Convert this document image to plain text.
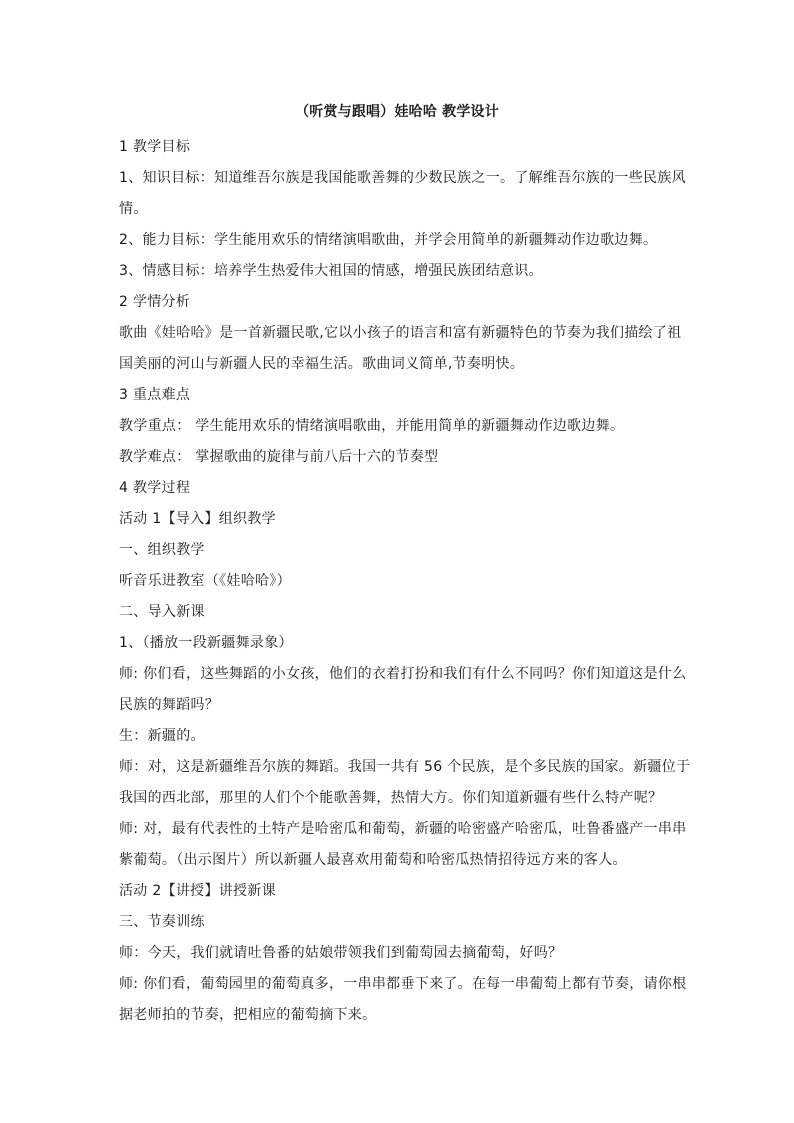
（听赏与跟唱）娃哈哈 教学设计
1 教学目标
1、知识目标：知道维吾尔族是我国能歌善舞的少数民族之一。了解维吾尔族的一些民族风
情。
2、能力目标：学生能用欢乐的情绪演唱歌曲，并学会用简单的新疆舞动作边歌边舞。
3、情感目标：培养学生热爱伟大祖国的情感，增强民族团结意识。
2 学情分析
歌曲《娃哈哈》是一首新疆民歌,它以小孩子的语言和富有新疆特色的节奏为我们描绘了祖
国美丽的河山与新疆人民的幸福生活。歌曲词义简单,节奏明快。
3 重点难点
教学重点： 学生能用欢乐的情绪演唱歌曲，并能用简单的新疆舞动作边歌边舞。
教学难点： 掌握歌曲的旋律与前八后十六的节奏型
4 教学过程
活动 1【导入】组织教学
一、组织教学
听音乐进教室（《娃哈哈》）
二、导入新课
1、（播放一段新疆舞录象）
师: 你们看，这些舞蹈的小女孩，他们的衣着打扮和我们有什么不同吗？你们知道这是什么
民族的舞蹈吗？
生：新疆的。
师：对，这是新疆维吾尔族的舞蹈。我国一共有 56 个民族，是个多民族的国家。新疆位于
我国的西北部，那里的人们个个能歌善舞，热情大方。你们知道新疆有些什么特产呢？
师: 对，最有代表性的土特产是哈密瓜和葡萄，新疆的哈密盛产哈密瓜，吐鲁番盛产一串串
紫葡萄。（出示图片）所以新疆人最喜欢用葡萄和哈密瓜热情招待远方来的客人。
活动 2【讲授】讲授新课
三、节奏训练
师：今天，我们就请吐鲁番的姑娘带领我们到葡萄园去摘葡萄，好吗？
师: 你们看，葡萄园里的葡萄真多，一串串都垂下来了。在每一串葡萄上都有节奏，请你根
据老师拍的节奏，把相应的葡萄摘下来。
